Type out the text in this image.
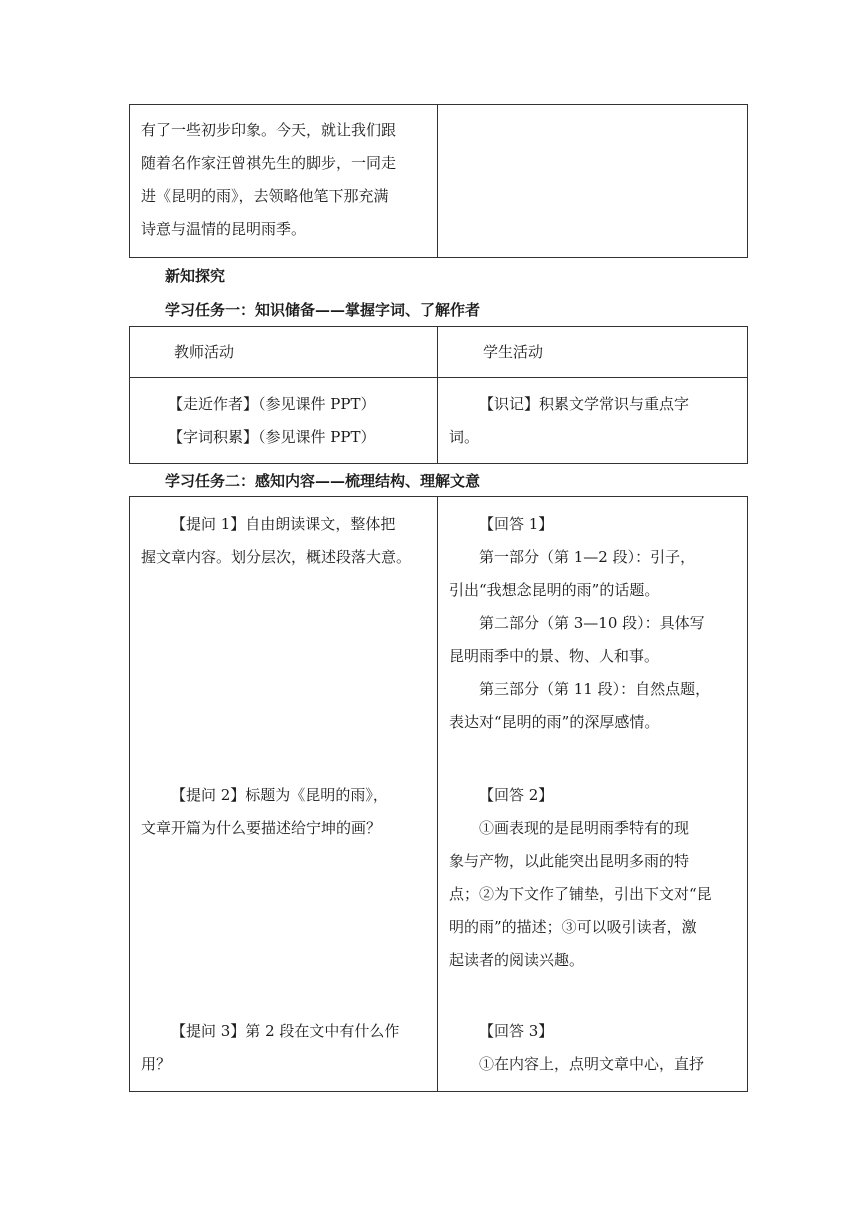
有了一些初步印象。今天，就让我们跟
随着名作家汪曾祺先生的脚步，一同走
进《昆明的雨》，去领略他笔下那充满
诗意与温情的昆明雨季。
新知探究
学习任务一：知识储备——掌握字词、了解作者
教师活动	学生活动
【走近作者】（参见课件 PPT）
【字词积累】（参见课件 PPT）
【识记】积累文学常识与重点字
词。
学习任务二：感知内容——梳理结构、理解文意
【提问 1】自由朗读课文，整体把
握文章内容。划分层次，概述段落大意。
【回答 1】
第一部分（第 1—2 段）：引子，
引出“我想念昆明的雨”的话题。
第二部分（第 3—10 段）：具体写
昆明雨季中的景、物、人和事。
第三部分（第 11 段）：自然点题，
表达对“昆明的雨”的深厚感情。
【提问 2】标题为《昆明的雨》，
文章开篇为什么要描述给宁坤的画？
【回答 2】
①画表现的是昆明雨季特有的现
象与产物，以此能突出昆明多雨的特
点；②为下文作了铺垫，引出下文对“昆
明的雨”的描述；③可以吸引读者，激
起读者的阅读兴趣。
【提问 3】第 2 段在文中有什么作
用？
【回答 3】
①在内容上，点明文章中心，直抒
